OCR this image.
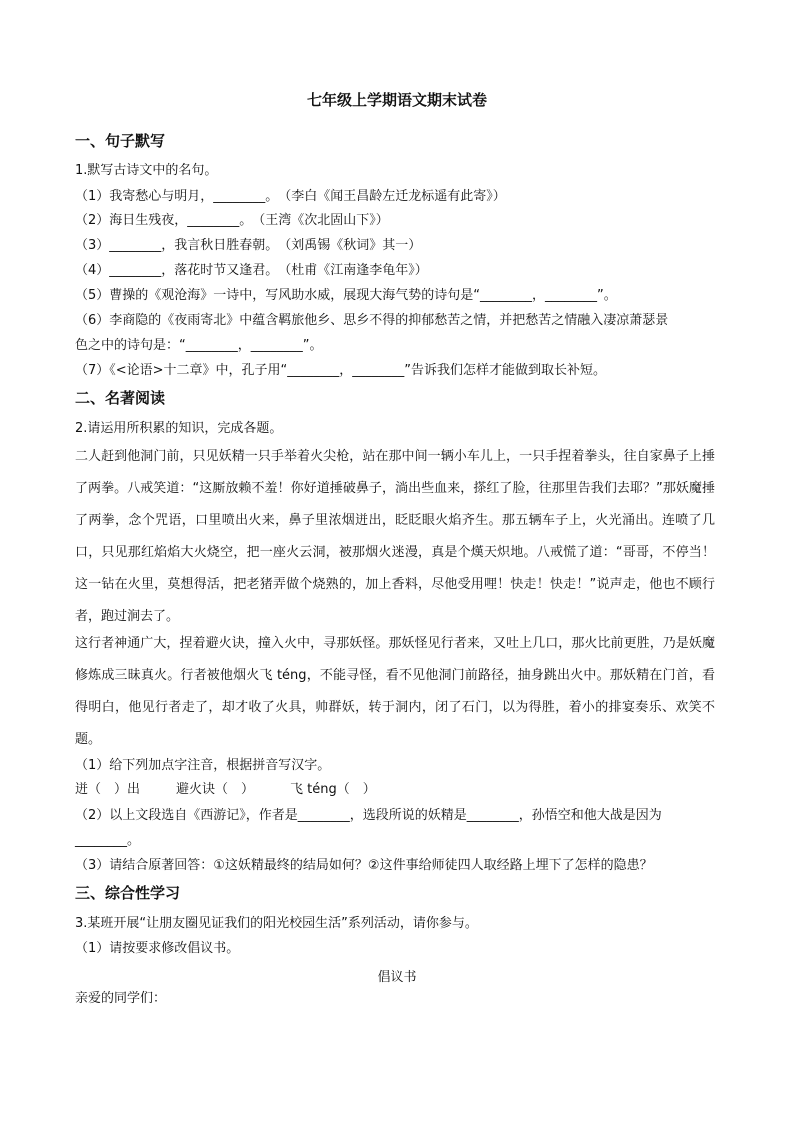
七年级上学期语文期末试卷
一、句子默写
1.默写古诗文中的名句。
（1）我寄愁心与明月，________。　（李白《闻王昌龄左迁龙标遥有此寄》）
（2）海日生残夜，________。　（王湾《次北固山下》）
（3）________，我言秋日胜春朝。　（刘禹锡《秋词》其一）
（4）________，落花时节又逢君。　（杜甫《江南逢李龟年》）
（5）曹操的《观沧海》一诗中，写风助水威，展现大海气势的诗句是“________，________”。
（6）李商隐的《夜雨寄北》中蕴含羁旅他乡、思乡不得的抑郁愁苦之情，并把愁苦之情融入凄凉萧瑟景
色之中的诗句是：“________，________”。
（7）《<论语>十二章》中，孔子用“________，________”告诉我们怎样才能做到取长补短。
二、名著阅读
2.请运用所积累的知识，完成各题。
二人赶到他洞门前，只见妖精一只手举着火尖枪，站在那中间一辆小车儿上，一只手捏着拳头，往自家鼻子上捶了两拳。八戒笑道：“这厮放赖不羞！你好道捶破鼻子，淌出些血来，搽红了脸，往那里告我们去耶？”那妖魔捶了两拳，念个咒语，口里喷出火来，鼻子里浓烟迸出，眨眨眼火焰齐生。那五辆车子上，火光涌出。连喷了几口，只见那红焰焰大火烧空，把一座火云洞，被那烟火迷漫，真是个熯天炽地。八戒慌了道：“哥哥，不停当！这一钻在火里，莫想得活，把老猪弄做个烧熟的，加上香料，尽他受用哩！快走！快走！”说声走，他也不顾行者，跑过涧去了。
这行者神通广大，捏着避火诀，撞入火中，寻那妖怪。那妖怪见行者来，又吐上几口，那火比前更胜，乃是妖魔修炼成三昧真火。行者被他烟火飞 téng，不能寻怪，看不见他洞门前路径，抽身跳出火中。那妖精在门首，看得明白，他见行者走了，却才收了火具，帅群妖，转于洞内，闭了石门，以为得胜，着小的排宴奏乐、欢笑不题。
（1）给下列加点字注音，根据拼音写汉字。
迸（　）出	避火诀（　）	飞 téng（　）
（2）以上文段选自《西游记》，作者是________，选段所说的妖精是________，孙悟空和他大战是因为
________。
（3）请结合原著回答：①这妖精最终的结局如何？②这件事给师徒四人取经路上埋下了怎样的隐患？
三、综合性学习
3.某班开展“让朋友圈见证我们的阳光校园生活”系列活动，请你参与。
（1）请按要求修改倡议书。
倡议书
亲爱的同学们：
